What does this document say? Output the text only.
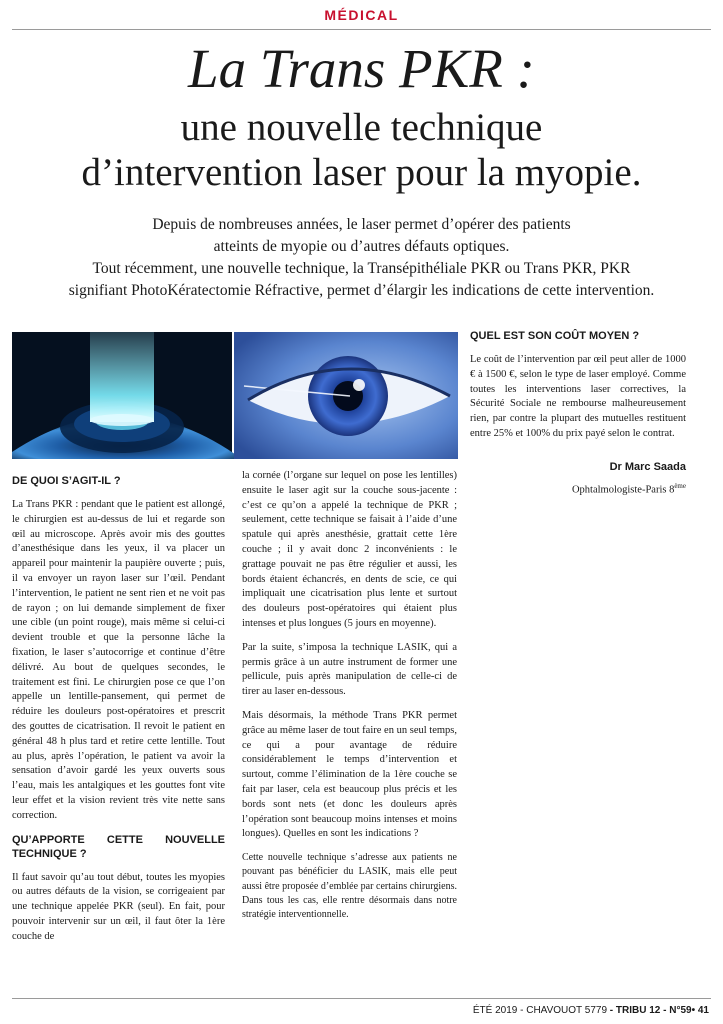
MÉDICAL
La Trans PKR :
une nouvelle technique
d’intervention laser pour la myopie.
Depuis de nombreuses années, le laser permet d’opérer des patients
atteints de myopie ou d’autres défauts optiques.
Tout récemment, une nouvelle technique, la Transépithéliale PKR ou Trans PKR, PKR
signifiant PhotoKératectomie Réfractive, permet d’élargir les indications de cette intervention.
DE QUOI S’AGIT-IL ?

La Trans PKR : pendant que le patient est allongé, le chirurgien est au-dessus de lui et regarde son œil au microscope. Après avoir mis des gouttes d’anesthésique dans les yeux, il va placer un appareil pour maintenir la paupière ouverte ; puis, il va envoyer un rayon laser sur l’œil. Pendant l’intervention, le patient ne sent rien et ne voit pas de rayon ; on lui demande simplement de fixer une cible (un point rouge), mais même si celui-ci devient trouble et que la personne lâche la fixation, le laser s’autocorrige et continue d’être délivré. Au bout de quelques secondes, le traitement est fini. Le chirurgien pose ce que l’on appelle un lentille-pansement, qui permet de réduire les douleurs post-opératoires et prescrit des gouttes de cicatrisation. Il revoit le patient en général 48 h plus tard et retire cette lentille. Tout au plus, après l’opération, le patient va avoir la sensation d’avoir gardé les yeux ouverts sous l’eau, mais les antalgiques et les gouttes font vite leur effet et la vision revient très vite nette sans correction.

QU’APPORTE CETTE NOUVELLE TECHNIQUE ?

Il faut savoir qu’au tout début, toutes les myopies ou autres défauts de la vision, se corrigeaient par une technique appelée PKR (seul). En fait, pour pouvoir intervenir sur un œil, il faut ôter la 1ère couche de

la cornée (l’organe sur lequel on pose les lentilles) ensuite le laser agit sur la couche sous-jacente : c’est ce qu’on a appelé la technique de PKR ; seulement, cette technique se faisait à l’aide d’une spatule qui après anesthésie, grattait cette 1ère couche ; il y avait donc 2 inconvénients : le grattage pouvait ne pas être régulier et aussi, les bords étaient échancrés, en dents de scie, ce qui impliquait une cicatrisation plus lente et surtout des douleurs post-opératoires qui étaient plus intenses et plus longues (5 jours en moyenne).

Par la suite, s’imposa la technique LASIK, qui a permis grâce à un autre instrument de former une pellicule, puis après manipulation de celle-ci de tirer au laser en-dessous.

Mais désormais, la méthode Trans PKR permet grâce au même laser de tout faire en un seul temps, ce qui a pour avantage de réduire considérablement le temps d’intervention et surtout, comme l’élimination de la 1ère couche se fait par laser, cela est beaucoup plus précis et les bords sont nets (et donc les douleurs après l’opération sont beaucoup moins intenses et moins longues). Quelles en sont les indications ?

Cette nouvelle technique s’adresse aux patients ne pouvant pas bénéficier du LASIK, mais elle peut aussi être proposée d’emblée par certains chirurgiens. Dans tous les cas, elle rentre désormais dans notre stratégie interventionnelle.

QUEL EST SON COÛT MOYEN ?

Le coût de l’intervention par œil peut aller de 1000 € à 1500 €, selon le type de laser employé. Comme toutes les interventions laser correctives, la Sécurité Sociale ne rembourse malheureusement rien, par contre la plupart des mutuelles restituent entre 25% et 100% du prix payé selon le contrat.

Dr Marc Saada
Ophtalmologiste-Paris 8ème
ÉTÉ 2019 - CHAVOUOT 5779 - TRIBU 12 - N°59• 41
